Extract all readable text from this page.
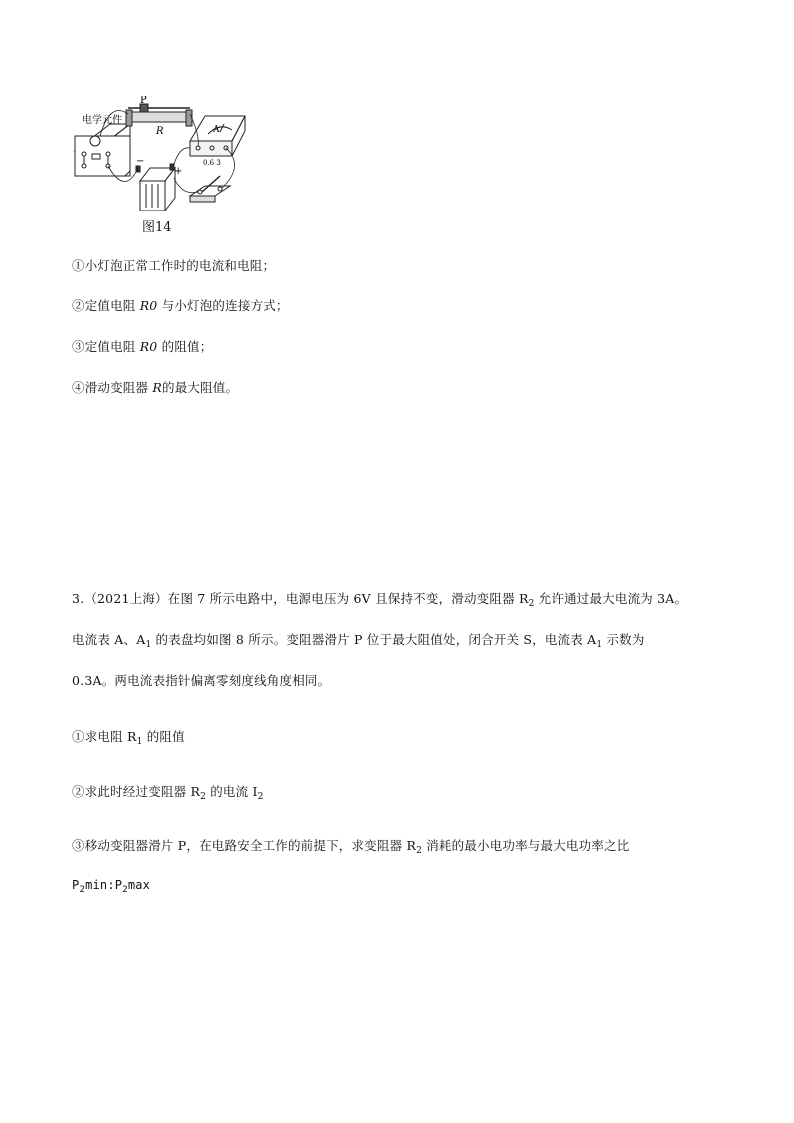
电学元件
P
R	A
0.6 3
−
+
图14
①小灯泡正常工作时的电流和电阻；
②定值电阻 R0 与小灯泡的连接方式；
③定值电阻 R0 的阻值；
④滑动变阻器 R的最大阻值。
3.（2021上海）在图 7 所示电路中，电源电压为 6V 且保持不变，滑动变阻器 $R_2$ 允许通过最大电流为 3A。
电流表 A、$A_1$ 的表盘均如图 8 所示。变阻器滑片 P 位于最大阻值处，闭合开关 S，电流表 $A_1$ 示数为
0.3A。两电流表指针偏离零刻度线角度相同。
①求电阻 $R_1$ 的阻值
②求此时经过变阻器 $R_2$ 的电流 $I_2$
③移动变阻器滑片 P，在电路安全工作的前提下，求变阻器 $R_2$ 消耗的最小电功率与最大电功率之比
$P_2\min:P_2\max$
